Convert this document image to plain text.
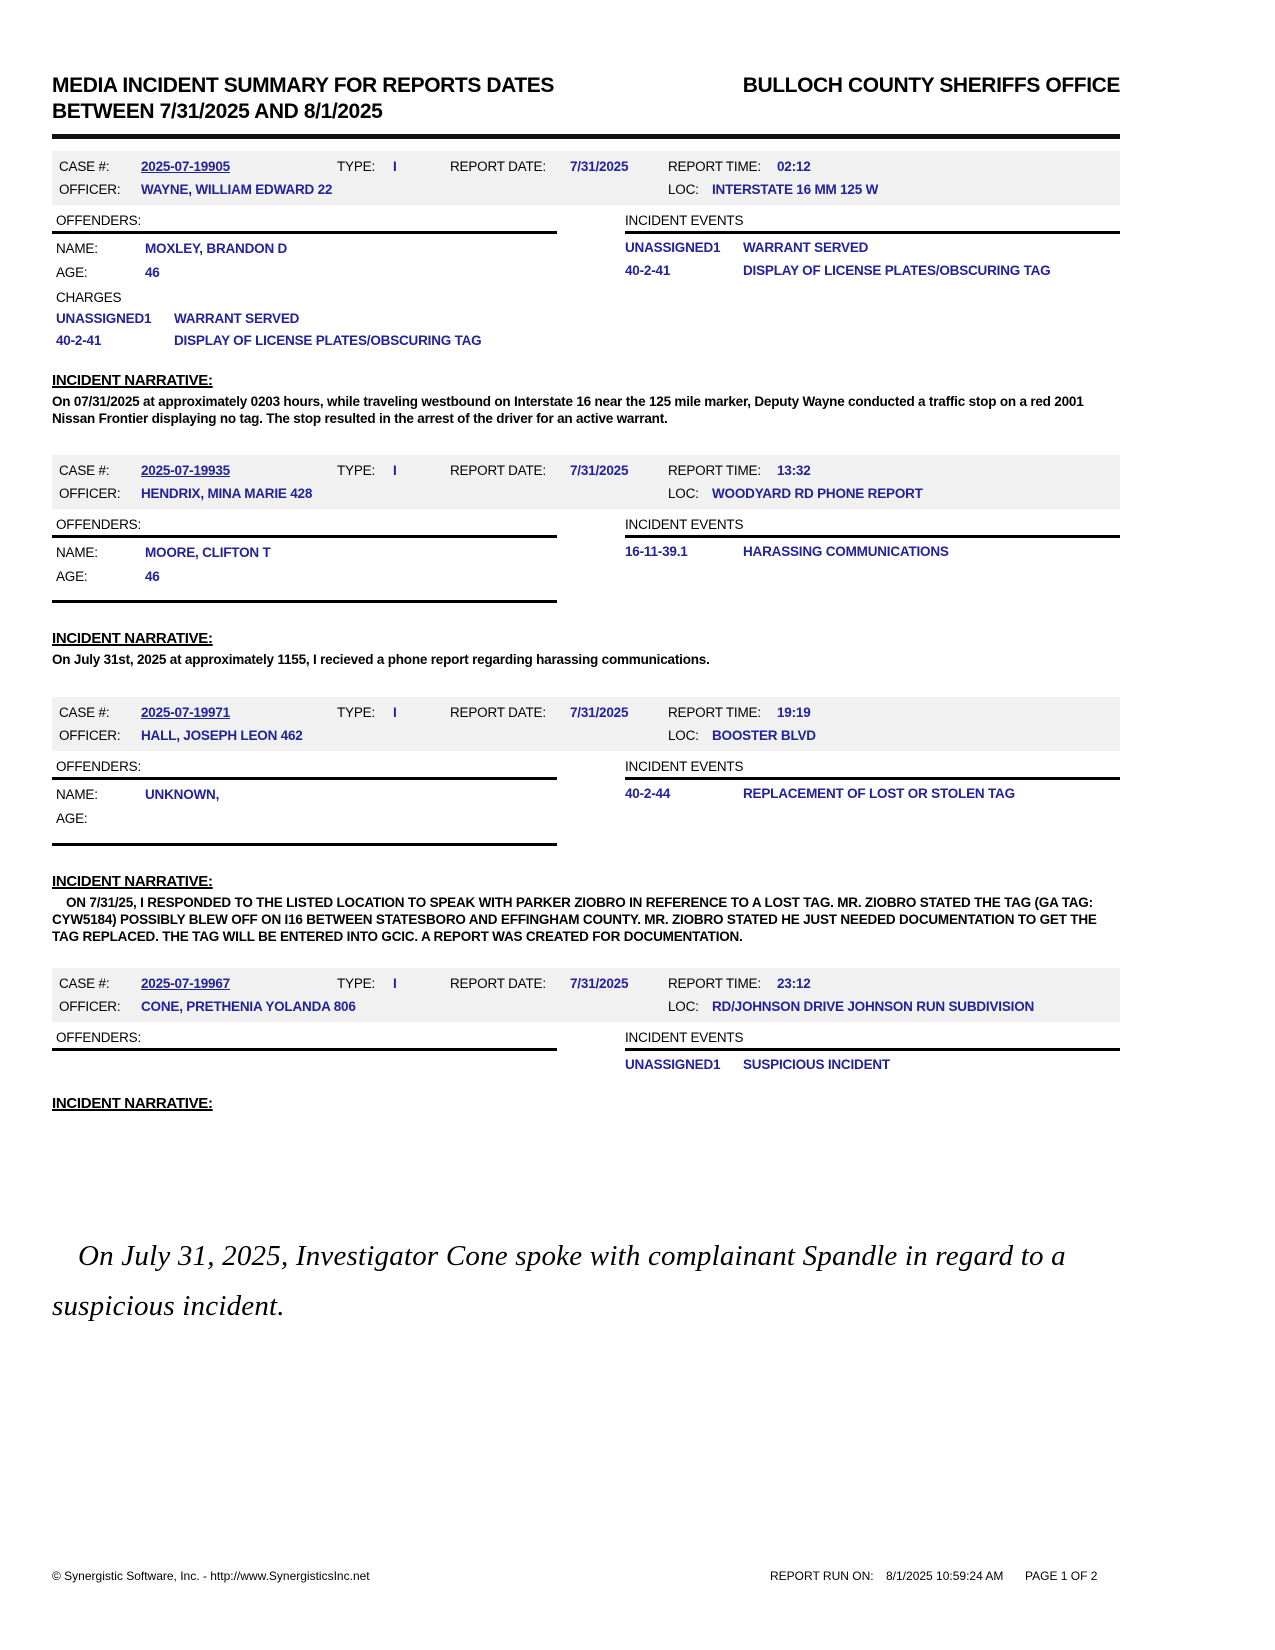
MEDIA INCIDENT SUMMARY FOR REPORTS DATES
BETWEEN 7/31/2025 AND 8/1/2025
BULLOCH COUNTY SHERIFFS OFFICE
CASE #: 2025-07-19905	TYPE: I	REPORT DATE: 7/31/2025	REPORT TIME: 02:12
OFFICER: WAYNE, WILLIAM EDWARD 22	LOC: INTERSTATE 16 MM 125 W
OFFENDERS:
NAME:	MOXLEY, BRANDON D
AGE:	46
CHARGES
UNASSIGNED1 WARRANT SERVED
40-2-41	DISPLAY OF LICENSE PLATES/OBSCURING TAG
INCIDENT EVENTS
UNASSIGNED1 WARRANT SERVED
40-2-41	DISPLAY OF LICENSE PLATES/OBSCURING TAG
INCIDENT NARRATIVE:
On 07/31/2025 at approximately 0203 hours, while traveling westbound on Interstate 16 near the 125 mile marker, Deputy Wayne conducted a traffic stop on a red 2001 Nissan Frontier displaying no tag. The stop resulted in the arrest of the driver for an active warrant.
CASE #: 2025-07-19935	TYPE: I	REPORT DATE: 7/31/2025	REPORT TIME: 13:32
OFFICER: HENDRIX, MINA MARIE 428	LOC: WOODYARD RD PHONE REPORT
OFFENDERS:
NAME:	MOORE, CLIFTON T
AGE:	46
INCIDENT EVENTS
16-11-39.1	HARASSING COMMUNICATIONS
INCIDENT NARRATIVE:
On July 31st, 2025 at approximately 1155, I recieved a phone report regarding harassing communications.
CASE #: 2025-07-19971	TYPE: I	REPORT DATE: 7/31/2025	REPORT TIME: 19:19
OFFICER: HALL, JOSEPH LEON 462	LOC: BOOSTER BLVD
OFFENDERS:
NAME:	UNKNOWN,
AGE:
INCIDENT EVENTS
40-2-44	REPLACEMENT OF LOST OR STOLEN TAG
INCIDENT NARRATIVE:
ON 7/31/25, I RESPONDED TO THE LISTED LOCATION TO SPEAK WITH PARKER ZIOBRO IN REFERENCE TO A LOST TAG. MR. ZIOBRO STATED THE TAG (GA TAG: CYW5184) POSSIBLY BLEW OFF ON I16 BETWEEN STATESBORO AND EFFINGHAM COUNTY. MR. ZIOBRO STATED HE JUST NEEDED DOCUMENTATION TO GET THE TAG REPLACED. THE TAG WILL BE ENTERED INTO GCIC. A REPORT WAS CREATED FOR DOCUMENTATION.
CASE #: 2025-07-19967	TYPE: I	REPORT DATE: 7/31/2025	REPORT TIME: 23:12
OFFICER: CONE, PRETHENIA YOLANDA 806	LOC: RD/JOHNSON DRIVE JOHNSON RUN SUBDIVISION
OFFENDERS:	INCIDENT EVENTS
UNASSIGNED1 SUSPICIOUS INCIDENT
INCIDENT NARRATIVE:
On July 31, 2025, Investigator Cone spoke with complainant Spandle in regard to a suspicious incident.
© Synergistic Software, Inc. - http://www.SynergisticsInc.net	REPORT RUN ON: 8/1/2025 10:59:24 AM PAGE 1 OF 2
